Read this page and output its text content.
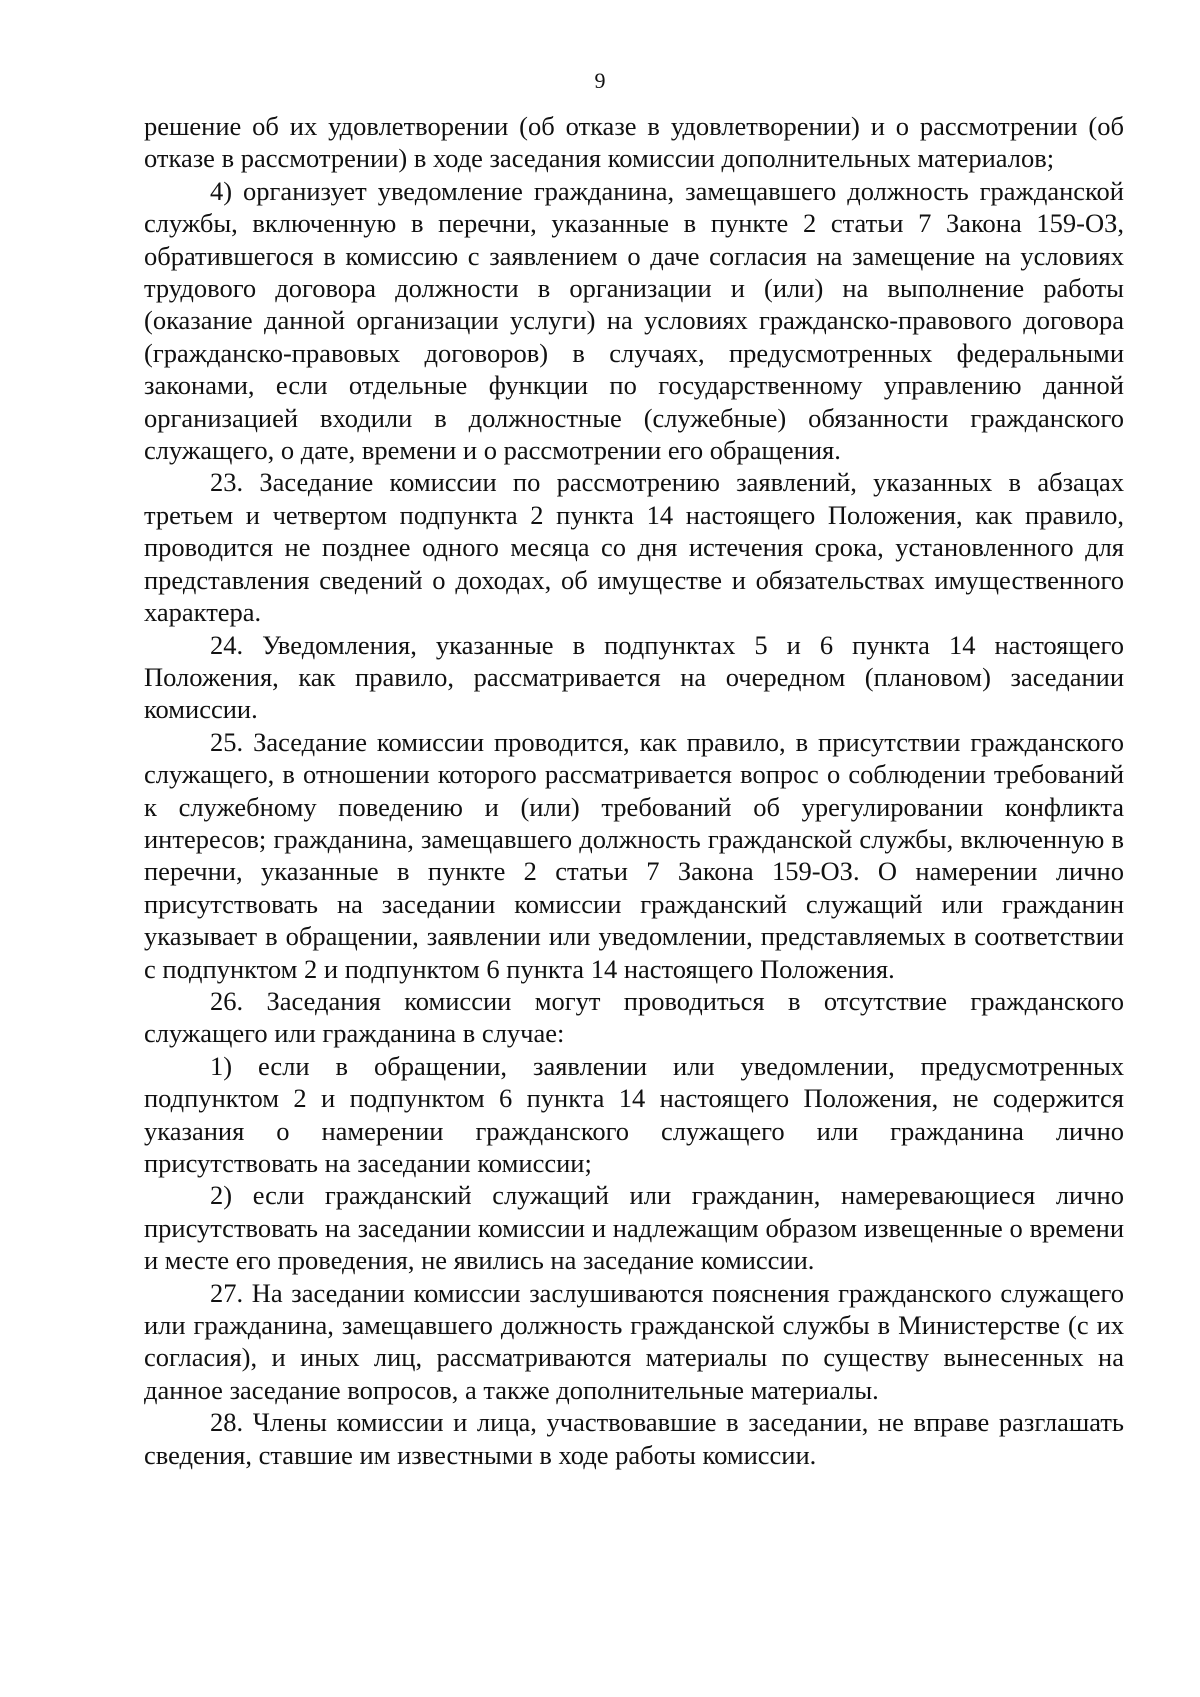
9

решение об их удовлетворении (об отказе в удовлетворении) и о рассмотрении (об отказе в рассмотрении) в ходе заседания комиссии дополнительных материалов;

4) организует уведомление гражданина, замещавшего должность гражданской службы, включенную в перечни, указанные в пункте 2 статьи 7 Закона 159-ОЗ, обратившегося в комиссию с заявлением о даче согласия на замещение на условиях трудового договора должности в организации и (или) на выполнение работы (оказание данной организации услуги) на условиях гражданско-правового договора (гражданско-правовых договоров) в случаях, предусмотренных федеральными законами, если отдельные функции по государственному управлению данной организацией входили в должностные (служебные) обязанности гражданского служащего, о дате, времени и о рассмотрении его обращения.

23. Заседание комиссии по рассмотрению заявлений, указанных в абзацах третьем и четвертом подпункта 2 пункта 14 настоящего Положения, как правило, проводится не позднее одного месяца со дня истечения срока, установленного для представления сведений о доходах, об имуществе и обязательствах имущественного характера.

24. Уведомления, указанные в подпунктах 5 и 6 пункта 14 настоящего Положения, как правило, рассматривается на очередном (плановом) заседании комиссии.

25. Заседание комиссии проводится, как правило, в присутствии гражданского служащего, в отношении которого рассматривается вопрос о соблюдении требований к служебному поведению и (или) требований об урегулировании конфликта интересов; гражданина, замещавшего должность гражданской службы, включенную в перечни, указанные в пункте 2 статьи 7 Закона 159-ОЗ. О намерении лично присутствовать на заседании комиссии гражданский служащий или гражданин указывает в обращении, заявлении или уведомлении, представляемых в соответствии с подпунктом 2 и подпунктом 6 пункта 14 настоящего Положения.

26. Заседания комиссии могут проводиться в отсутствие гражданского служащего или гражданина в случае:

1) если в обращении, заявлении или уведомлении, предусмотренных подпунктом 2 и подпунктом 6 пункта 14 настоящего Положения, не содержится указания о намерении гражданского служащего или гражданина лично присутствовать на заседании комиссии;

2) если гражданский служащий или гражданин, намеревающиеся лично присутствовать на заседании комиссии и надлежащим образом извещенные о времени и месте его проведения, не явились на заседание комиссии.

27. На заседании комиссии заслушиваются пояснения гражданского служащего или гражданина, замещавшего должность гражданской службы в Министерстве (с их согласия), и иных лиц, рассматриваются материалы по существу вынесенных на данное заседание вопросов, а также дополнительные материалы.

28. Члены комиссии и лица, участвовавшие в заседании, не вправе разглашать сведения, ставшие им известными в ходе работы комиссии.
